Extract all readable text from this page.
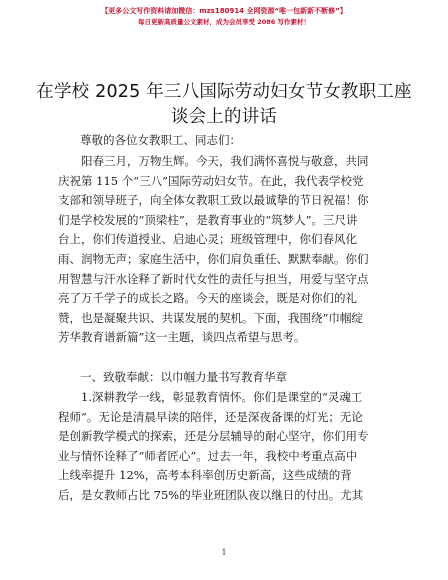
【更多公文写作资料请加微信：mzs180914 全网资源“唯一包新新不断修”】
每日更新高质量公文素材，成为会员享受 2086 写作素材！
在学校 2025 年三八国际劳动妇女节女教职工座
谈会上的讲话
尊敬的各位女教职工、同志们：
阳春三月，万物生辉。今天，我们满怀喜悦与敬意，共同
庆祝第 115 个“三八”国际劳动妇女节。在此，我代表学校党
支部和领导班子，向全体女教职工致以最诚挚的节日祝福！你
们是学校发展的“顶梁柱”，是教育事业的“筑梦人”。三尺讲
台上，你们传道授业、启迪心灵；班级管理中，你们春风化
雨、润物无声；家庭生活中，你们肩负重任、默默奉献。你们
用智慧与汗水诠释了新时代女性的责任与担当，用爱与坚守点
亮了万千学子的成长之路。今天的座谈会，既是对你们的礼
赞，也是凝聚共识、共谋发展的契机。下面，我围绕“巾帼绽
芳华教育谱新篇”这一主题，谈四点希望与思考。
一、致敬奉献：以巾帼力量书写教育华章
1.深耕教学一线，彰显教育情怀。你们是课堂的“灵魂工
程师”。无论是清晨早读的陪伴，还是深夜备课的灯光；无论
是创新教学模式的探索，还是分层辅导的耐心坚守，你们用专
业与情怀诠释了“师者匠心”。过去一年，我校中考重点高中
上线率提升 12%，高考本科率创历史新高，这些成绩的背
后，是女教师占比 75%的毕业班团队夜以继日的付出。尤其
1
